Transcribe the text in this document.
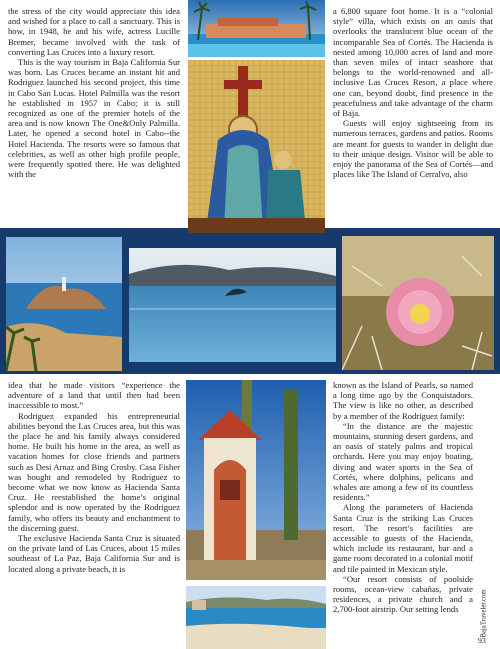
the stress of the city would appreciate this idea and wished for a place to call a sanctuary. This is how, in 1948, he and his wife, actress Lucille Bremer, became involved with the task of converting Las Cruces into a luxury resort.

This is the way tourism in Baja California Sur was born. Las Cruces became an instant hit and Rodriguez launched his second project, this time in Cabo San Lucas. Hotel Palmilla was the resort he established in 1957 in Cabo; it is still recognized as one of the premier hotels of the area and is now known The One&Only Palmilla. Later, he opened a second hotel in Cabo--the Hotel Hacienda. The resorts were so famous that celebrities, as well as other high profile people, were frequently spotted there. He was delighted with the

a 6,800 square foot home. It is a “colonial style” villa, which exists on an oasis that overlooks the translucent blue ocean of the incomparable Sea of Cortés. The Hacienda is nested among 10,000 acres of land and more than seven miles of intact seashore that belongs to the world-renowned and all-inclusive Las Cruces Resort, a place where one can, beyond doubt, find presence in the peacefulness and take advantage of the charm of Baja.

Guests will enjoy sightseeing from its numerous terraces, gardens and patios. Rooms are meant for guests to wander in delight due to their unique design. Visitor will be able to enjoy the panorama of the Sea of Cortés—and places like The Island of Cerralvo, also

idea that he made visitors “experience the adventure of a land that until then had been inaccessible to most.”

Rodriguez expanded his entrepreneurial abilities beyond the Las Cruces area, but this was the place he and his family always considered home. He built his home in the area, as well as vacation homes for close friends and partners such as Desi Arnaz and Bing Crosby. Casa Fisher was bought and remodeled by Rodriguez to become what we now know as Hacienda Santa Cruz. He reestablished the home’s original splendor and is now operated by the Rodriguez family, who offers its beauty and enchantment to the discerning guest.

The exclusive Hacienda Santa Cruz is situated on the private land of Las Cruces, about 15 miles southeast of La Paz, Baja California Sur and is located along a private beach, it is

known as the Island of Pearls, so named a long time ago by the Conquistadors. The view is like no other, as described by a member of the Rodriguez family:

“In the distance are the majestic mountains, stunning desert gardens, and an oasis of stately palms and tropical orchards. Here you may enjoy boating, diving and water sports in the Sea of Cortés, where dolphins, pelicans and whales are among a few of its countless residents.”

Along the parameters of Hacienda Santa Cruz is the striking Las Cruces resort. The resort’s facilities are accessible to guests of the Hacienda, which include its restaurant, bar and a game room decorated in a colonial motif and tile painted in Mexican style.

“Our resort consists of poolside rooms, ocean-view cabañas, private residences, a private church and a 2,700-foot airstrip. Our setting lends	BajaTraveler.com
93
